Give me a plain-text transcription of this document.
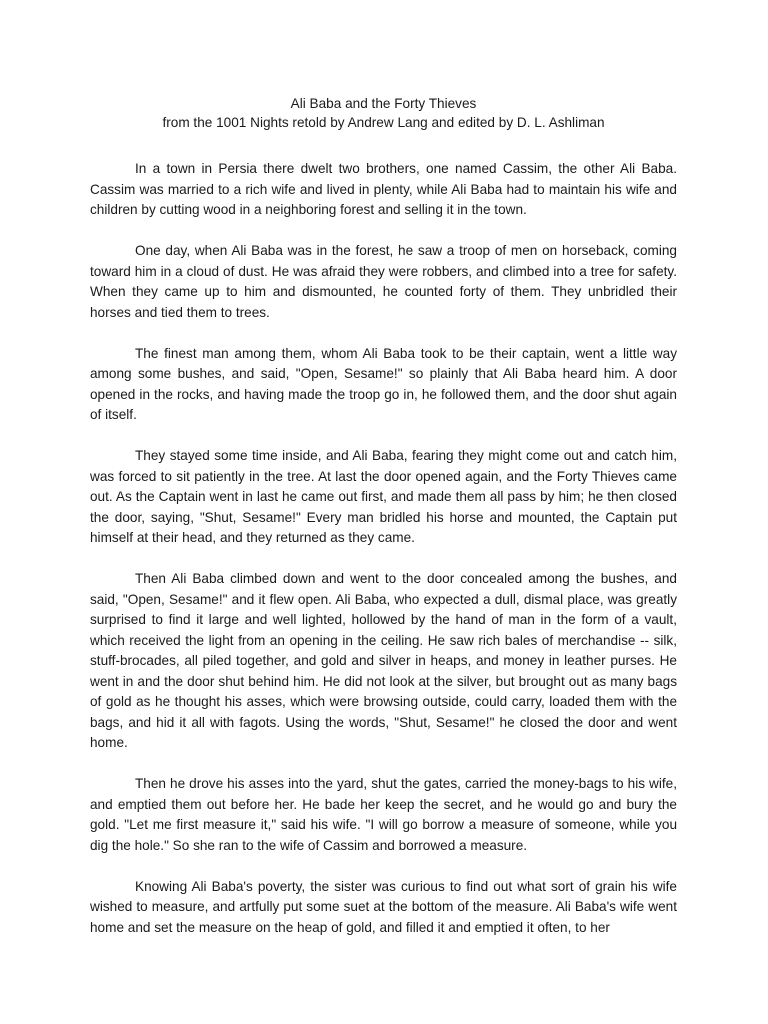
Ali Baba and the Forty Thieves
from the 1001 Nights retold by Andrew Lang and edited by D. L. Ashliman

In a town in Persia there dwelt two brothers, one named Cassim, the other Ali Baba. Cassim was married to a rich wife and lived in plenty, while Ali Baba had to maintain his wife and children by cutting wood in a neighboring forest and selling it in the town.

One day, when Ali Baba was in the forest, he saw a troop of men on horseback, coming toward him in a cloud of dust. He was afraid they were robbers, and climbed into a tree for safety. When they came up to him and dismounted, he counted forty of them. They unbridled their horses and tied them to trees.

The finest man among them, whom Ali Baba took to be their captain, went a little way among some bushes, and said, "Open, Sesame!" so plainly that Ali Baba heard him. A door opened in the rocks, and having made the troop go in, he followed them, and the door shut again of itself.

They stayed some time inside, and Ali Baba, fearing they might come out and catch him, was forced to sit patiently in the tree. At last the door opened again, and the Forty Thieves came out. As the Captain went in last he came out first, and made them all pass by him; he then closed the door, saying, "Shut, Sesame!" Every man bridled his horse and mounted, the Captain put himself at their head, and they returned as they came.

Then Ali Baba climbed down and went to the door concealed among the bushes, and said, "Open, Sesame!" and it flew open. Ali Baba, who expected a dull, dismal place, was greatly surprised to find it large and well lighted, hollowed by the hand of man in the form of a vault, which received the light from an opening in the ceiling. He saw rich bales of merchandise -- silk, stuff-brocades, all piled together, and gold and silver in heaps, and money in leather purses. He went in and the door shut behind him. He did not look at the silver, but brought out as many bags of gold as he thought his asses, which were browsing outside, could carry, loaded them with the bags, and hid it all with fagots. Using the words, "Shut, Sesame!" he closed the door and went home.

Then he drove his asses into the yard, shut the gates, carried the money-bags to his wife, and emptied them out before her. He bade her keep the secret, and he would go and bury the gold. "Let me first measure it," said his wife. "I will go borrow a measure of someone, while you dig the hole." So she ran to the wife of Cassim and borrowed a measure.

Knowing Ali Baba's poverty, the sister was curious to find out what sort of grain his wife wished to measure, and artfully put some suet at the bottom of the measure. Ali Baba's wife went home and set the measure on the heap of gold, and filled it and emptied it often, to her
